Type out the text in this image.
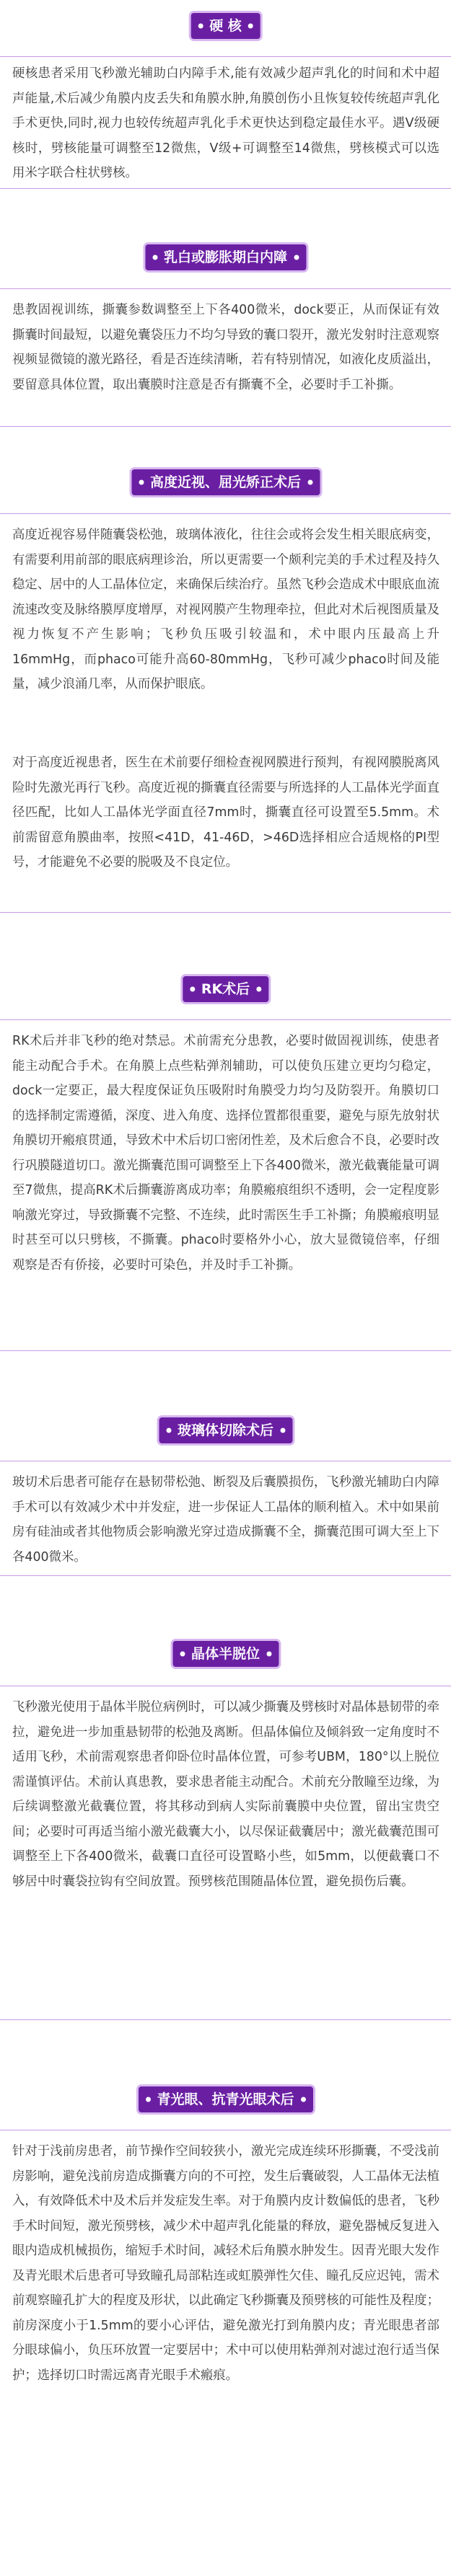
硬 核

硬核患者采用飞秒激光辅助白内障手术,能有效减少超声乳化的时间和术中超声能量,术后减少角膜内皮丢失和角膜水肿,角膜创伤小且恢复较传统超声乳化手术更快,同时,视力也较传统超声乳化手术更快达到稳定最佳水平。遇Ⅴ级硬核时，劈核能量可调整至12微焦，Ⅴ级+可调整至14微焦，劈核模式可以选用米字联合柱状劈核。

乳白或膨胀期白内障

患教固视训练，撕囊参数调整至上下各400微米，dock要正，从而保证有效撕囊时间最短，以避免囊袋压力不均匀导致的囊口裂开，激光发射时注意观察视频显微镜的激光路径，看是否连续清晰，若有特别情况，如液化皮质溢出，要留意具体位置，取出囊膜时注意是否有撕囊不全，必要时手工补撕。

高度近视、屈光矫正术后

高度近视容易伴随囊袋松弛，玻璃体液化，往往会或将会发生相关眼底病变，有需要利用前部的眼底病理诊治，所以更需要一个颇利完美的手术过程及持久稳定、居中的人工晶体位定，来确保后续治疗。虽然飞秒会造成术中眼底血流流速改变及脉络膜厚度增厚，对视网膜产生物理牵拉，但此对术后视图质量及视力恢复不产生影响；飞秒负压吸引较温和，术中眼内压最高上升16mmHg，而phaco可能升高60-80mmHg，飞秒可减少phaco时间及能量，减少浪涌几率，从而保护眼底。

对于高度近视患者，医生在术前要仔细检查视网膜进行预判，有视网膜脱离风险时先激光再行飞秒。高度近视的撕囊直径需要与所选择的人工晶体光学面直径匹配，比如人工晶体光学面直径7mm时，撕囊直径可设置至5.5mm。术前需留意角膜曲率，按照<41D，41-46D，>46D选择相应合适规格的PI型号，才能避免不必要的脱吸及不良定位。

RK术后

RK术后并非飞秒的绝对禁忌。术前需充分患教，必要时做固视训练，使患者能主动配合手术。在角膜上点些粘弹剂辅助，可以使负压建立更均匀稳定，dock一定要正，最大程度保证负压吸附时角膜受力均匀及防裂开。角膜切口的选择制定需遵循，深度、进入角度、选择位置都很重要，避免与原先放射状角膜切开瘢痕贯通，导致术中术后切口密闭性差，及术后愈合不良，必要时改行巩膜隧道切口。激光撕囊范围可调整至上下各400微米，激光截囊能量可调至7微焦，提高RK术后撕囊游离成功率；角膜瘢痕组织不透明，会一定程度影响激光穿过，导致撕囊不完整、不连续，此时需医生手工补撕；角膜瘢痕明显时甚至可以只劈核，不撕囊。phaco时要格外小心，放大显微镜倍率，仔细观察是否有侨接，必要时可染色，并及时手工补撕。

玻璃体切除术后

玻切术后患者可能存在悬韧带松弛、断裂及后囊膜损伤，飞秒激光辅助白内障手术可以有效减少术中并发症，进一步保证人工晶体的顺利植入。术中如果前房有硅油或者其他物质会影响激光穿过造成撕囊不全，撕囊范围可调大至上下各400微米。

晶体半脱位

飞秒激光使用于晶体半脱位病例时，可以减少撕囊及劈核时对晶体悬韧带的牵拉，避免进一步加重悬韧带的松弛及离断。但晶体偏位及倾斜致一定角度时不适用飞秒，术前需观察患者仰卧位时晶体位置，可参考UBM，180°以上脱位需谨慎评估。术前认真患教，要求患者能主动配合。术前充分散瞳至边缘，为后续调整激光截囊位置，将其移动到病人实际前囊膜中央位置，留出宝贵空间；必要时可再适当缩小激光截囊大小，以尽保证截囊居中；激光截囊范围可调整至上下各400微米，截囊口直径可设置略小些，如5mm，以便截囊口不够居中时囊袋拉钩有空间放置。预劈核范围随晶体位置，避免损伤后囊。

青光眼、抗青光眼术后

针对于浅前房患者，前节操作空间较狭小，激光完成连续环形撕囊，不受浅前房影响，避免浅前房造成撕囊方向的不可控，发生后囊破裂，人工晶体无法植入，有效降低术中及术后并发症发生率。对于角膜内皮计数偏低的患者，飞秒手术时间短，激光预劈核，减少术中超声乳化能量的释放，避免器械反复进入眼内造成机械损伤，缩短手术时间，减轻术后角膜水肿发生。因青光眼大发作及青光眼术后患者可导致瞳孔局部粘连或虹膜弹性欠佳、瞳孔反应迟钝，需术前观察瞳孔扩大的程度及形状，以此确定飞秒撕囊及预劈核的可能性及程度；前房深度小于1.5mm的要小心评估，避免激光打到角膜内皮；青光眼患者部分眼球偏小，负压环放置一定要居中；术中可以使用粘弹剂对滤过泡行适当保护；选择切口时需远离青光眼手术瘢痕。
